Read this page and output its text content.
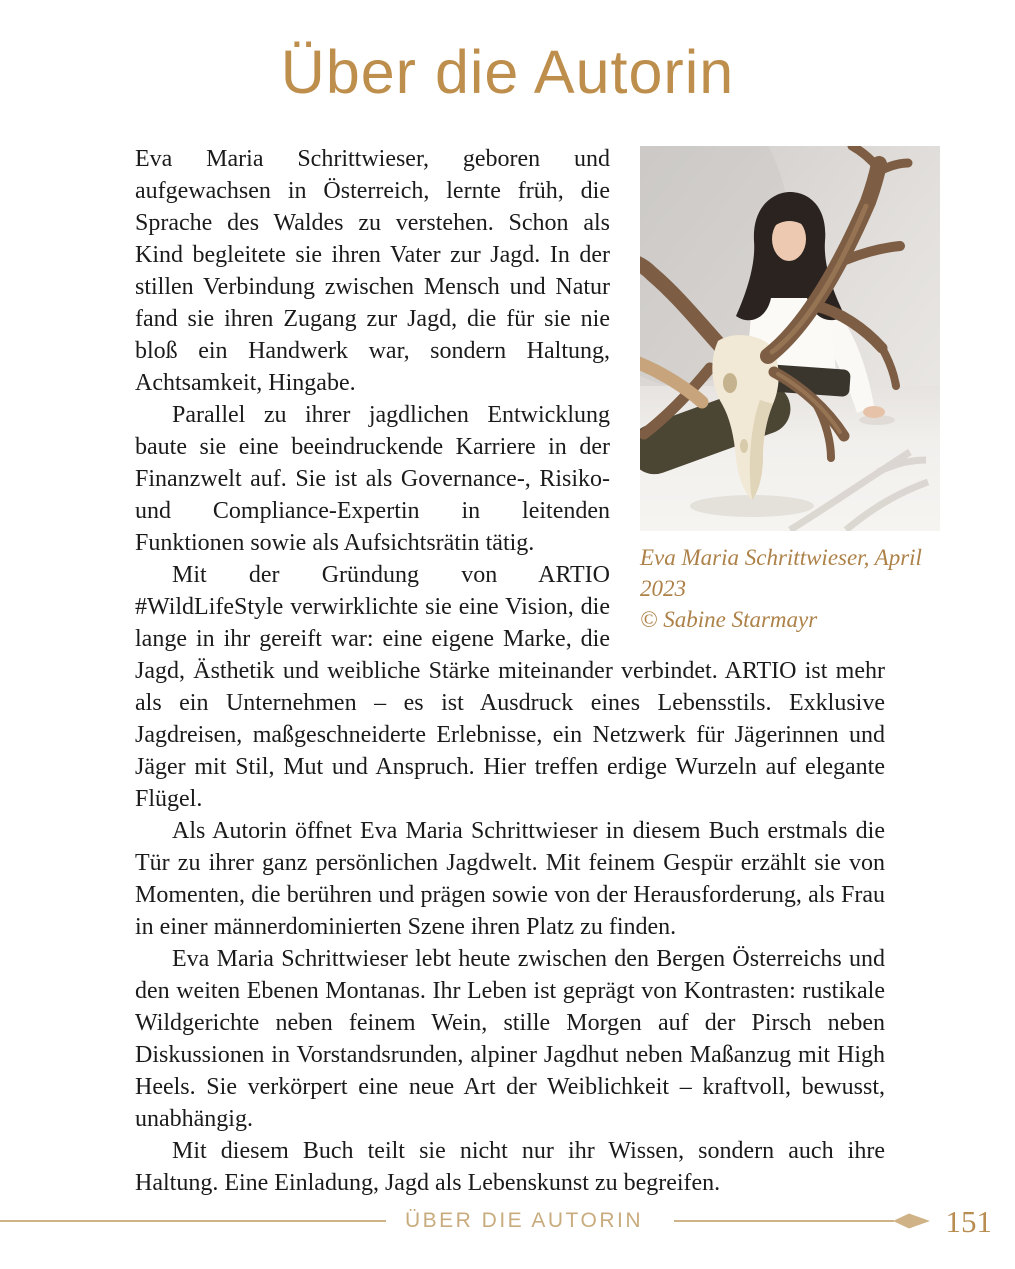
Über die Autorin
Eva Maria Schrittwieser, April 2023
© Sabine Starmayr

Eva Maria Schrittwieser, geboren und aufgewachsen in Österreich, lernte früh, die Sprache des Waldes zu verstehen. Schon als Kind begleitete sie ihren Vater zur Jagd. In der stillen Verbindung zwischen Mensch und Natur fand sie ihren Zugang zur Jagd, die für sie nie bloß ein Handwerk war, sondern Haltung, Achtsamkeit, Hingabe.

Parallel zu ihrer jagdlichen Entwicklung baute sie eine beeindruckende Karriere in der Finanzwelt auf. Sie ist als Governance-, Risiko- und Compliance-Expertin in leitenden Funktionen sowie als Aufsichtsrätin tätig.

Mit der Gründung von ARTIO #WildLifeStyle verwirklichte sie eine Vision, die lange in ihr gereift war: eine eigene Marke, die Jagd, Ästhetik und weibliche Stärke miteinander verbindet. ARTIO ist mehr als ein Unternehmen – es ist Ausdruck eines Lebensstils. Exklusive Jagdreisen, maßgeschneiderte Erlebnisse, ein Netzwerk für Jägerinnen und Jäger mit Stil, Mut und Anspruch. Hier treffen erdige Wurzeln auf elegante Flügel.

Als Autorin öffnet Eva Maria Schrittwieser in diesem Buch erstmals die Tür zu ihrer ganz persönlichen Jagdwelt. Mit feinem Gespür erzählt sie von Momenten, die berühren und prägen sowie von der Herausforderung, als Frau in einer männerdominierten Szene ihren Platz zu finden.

Eva Maria Schrittwieser lebt heute zwischen den Bergen Österreichs und den weiten Ebenen Montanas. Ihr Leben ist geprägt von Kontrasten: rustikale Wildgerichte neben feinem Wein, stille Morgen auf der Pirsch neben Diskussionen in Vorstandsrunden, alpiner Jagdhut neben Maßanzug mit High Heels. Sie verkörpert eine neue Art der Weiblichkeit – kraftvoll, bewusst, unabhängig.

Mit diesem Buch teilt sie nicht nur ihr Wissen, sondern auch ihre Haltung. Eine Einladung, Jagd als Lebenskunst zu begreifen.

ÜBER DIE AUTORIN	151
